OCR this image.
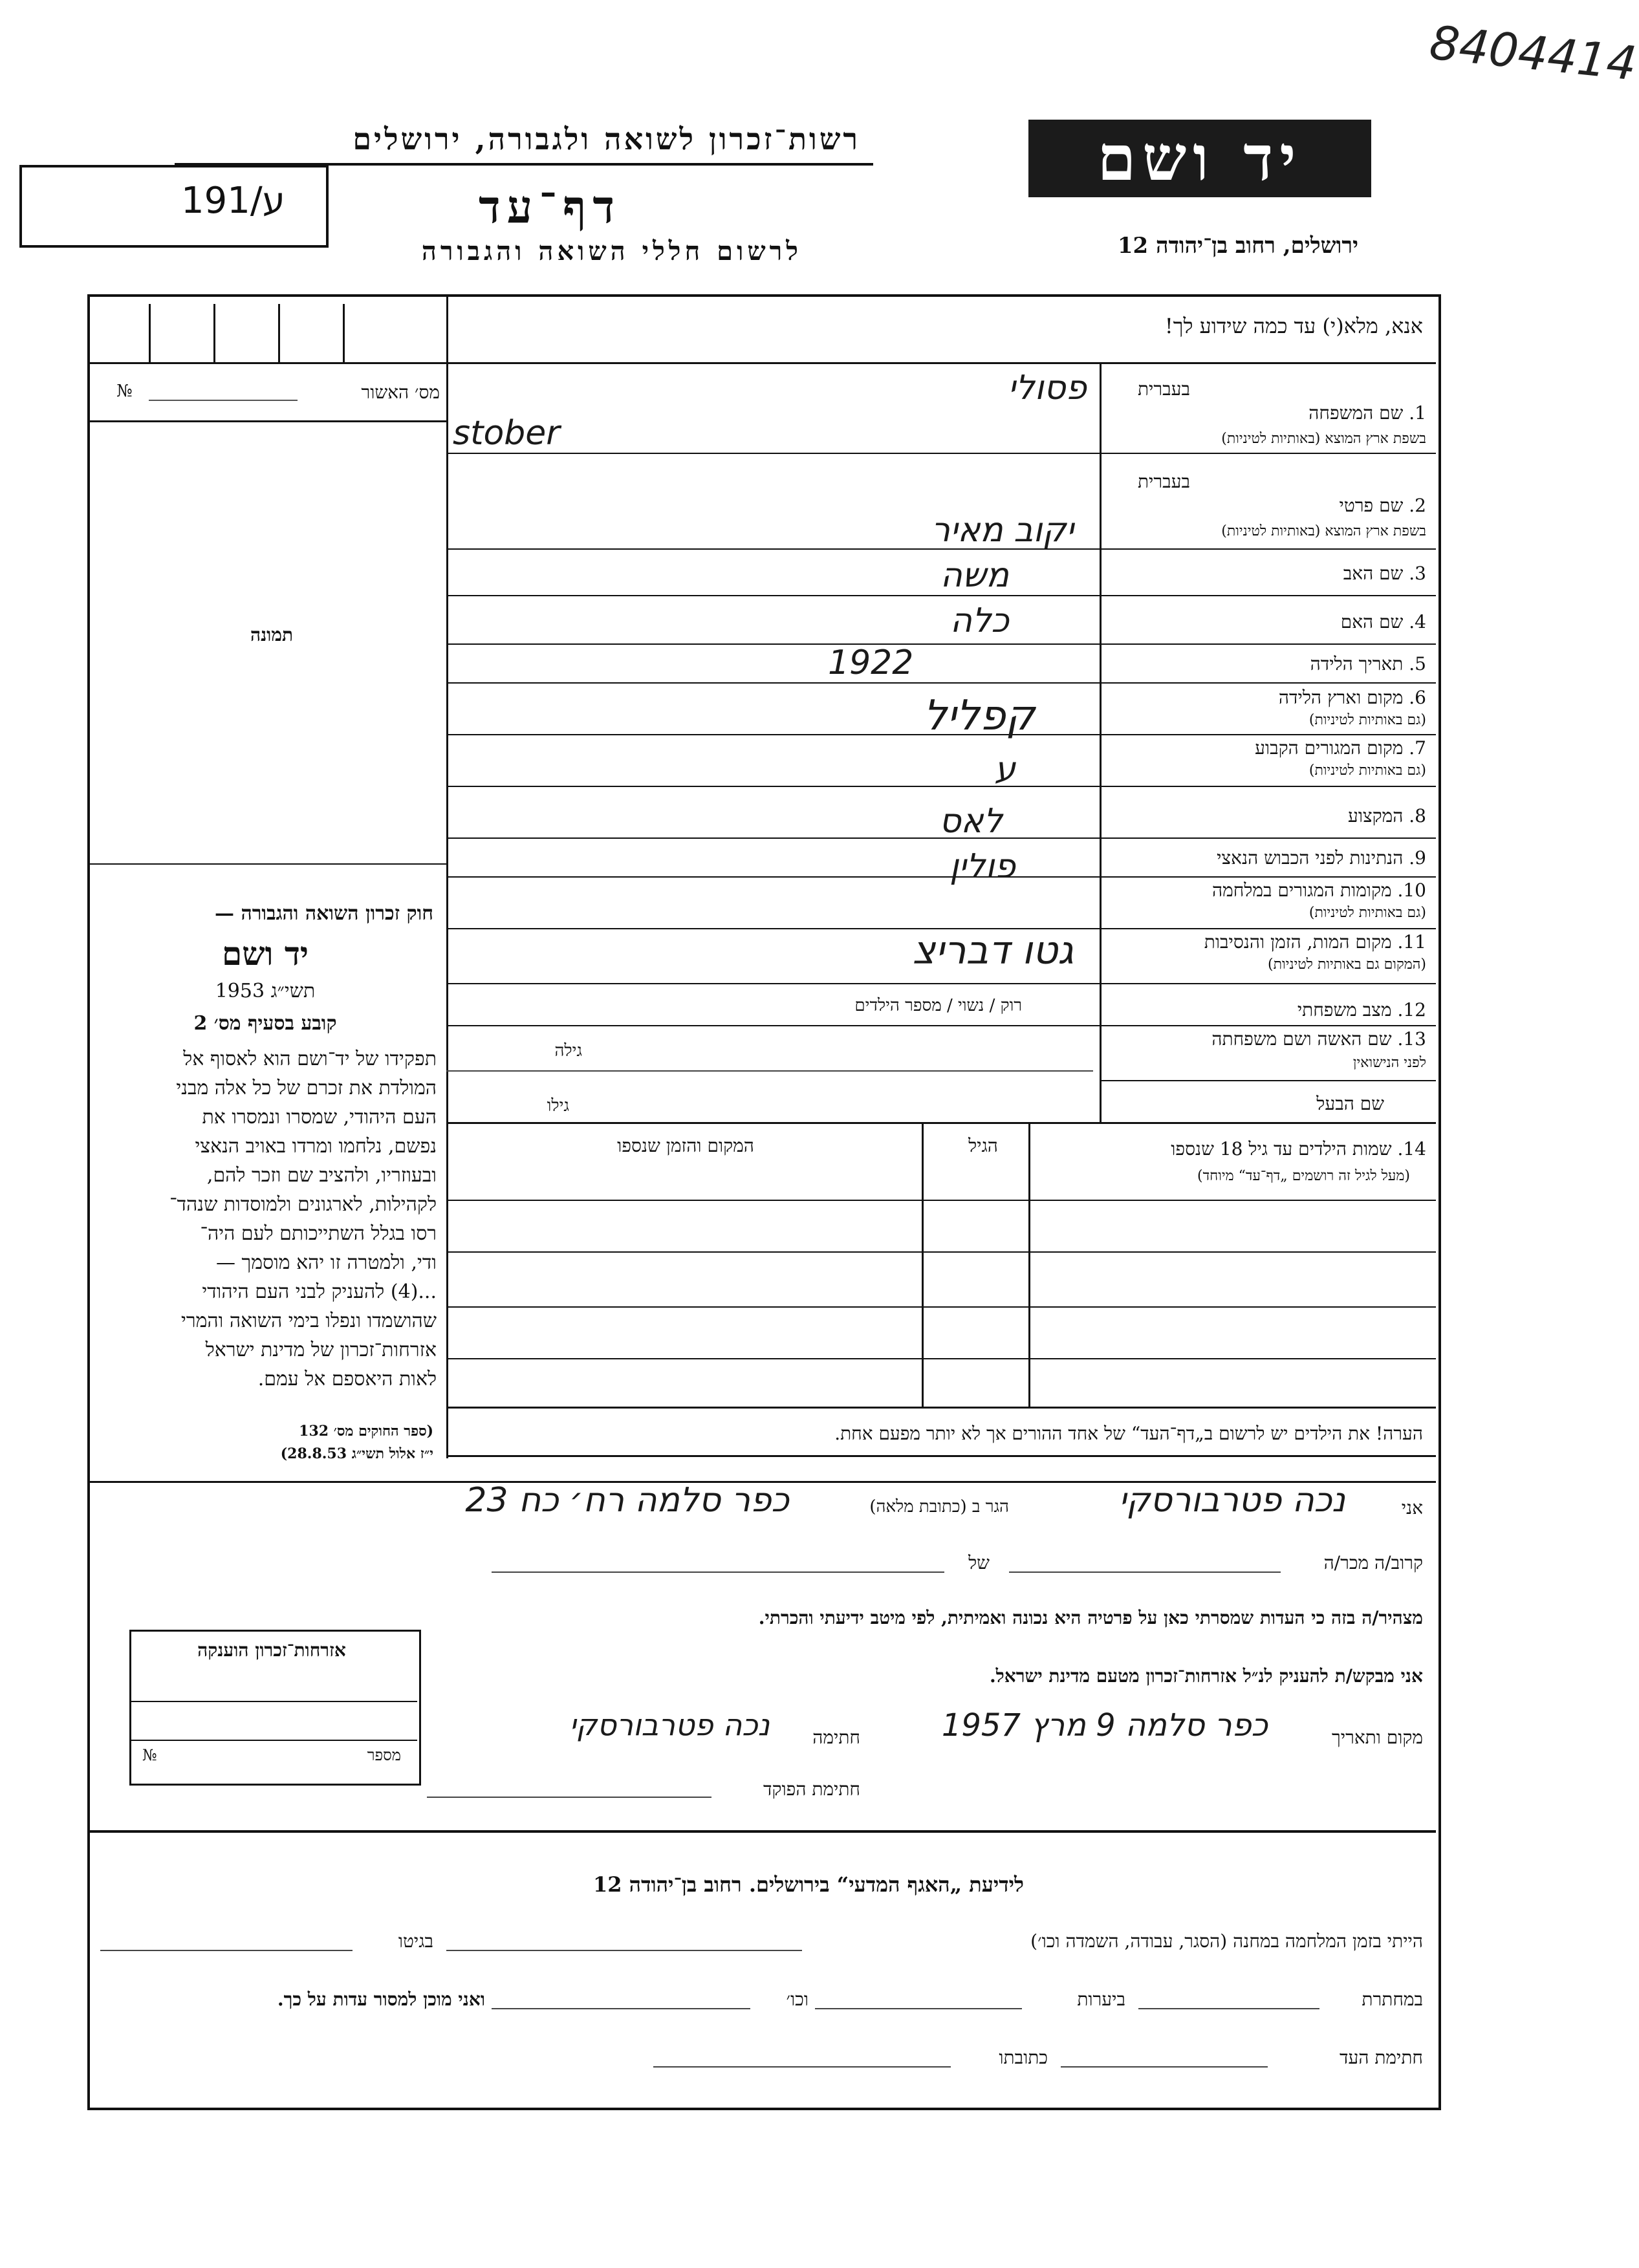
8404414
רשות־זכרון לשואה ולגבורה, ירושלים
191/ע	דף־עד
לרשום חללי השואה והגבורה
יד ושם
ירושלים, רחוב בן־יהודה 12
אנא, מלא(י) עד כמה שידוע לך!
מס׳ האשור
№
תמונה
בעברית
1. שם המשפחה
בשפת ארץ המוצא (באותיות לטיניות)
בעברית
2. שם פרטי
בשפת ארץ המוצא (באותיות לטיניות)
3. שם האב
4. שם האם
5. תאריך הלידה
6. מקום וארץ הלידה
(גם באותיות לטיניות)
7. מקום המגורים הקבוע
(גם באותיות לטיניות)
8. המקצוע
9. הנתינות לפני הכבוש הנאצי
10. מקומות המגורים במלחמה
(גם באותיות לטיניות)
11. מקום המות, הזמן והנסיבות
(המקום גם באותיות לטיניות)
12. מצב משפחתי
13. שם האשה ושם משפחתה
לפני הנישואין
שם הבעל
פסולי
stober
יקוב מאיר
משה
כלה
1922
קפליל
ע
לאס
פולין
גטו דבריצ
רוק / נשוי / מספר הילדים
גילה
גילו
14. שמות הילדים עד גיל 18 שנספו
(מעל לגיל זה רושמים „דף־עד“ מיוחד)
הגיל
המקום והזמן שנספו
הערה! את הילדים יש לרשום ב„דף־העד“ של אחד ההורים אך לא יותר מפעם אחת.
חוק זכרון השואה והגבורה —
יד ושם
תשי״ג 1953
קובע בסעיף מס׳ 2
תפקידו של יד־ושם הוא לאסוף אל
המולדת את זכרם של כל אלה מבני
העם היהודי, שמסרו ונמסרו את
נפשם, נלחמו ומרדו באויב הנאצי
ובעוזריו, ולהציב שם וזכר להם,
לקהילות, לארגונים ולמוסדות שנהד־
רסו בגלל השתייכותם לעם היה־
ודי, ולמטרה זו יהא מוסמך —
...(4) להעניק לבני העם היהודי
שהושמדו ונפלו בימי השואה והמרי
אזרחות־זכרון של מדינת ישראל
לאות היאספם אל עמם.
(ספר החוקים מס׳ 132
י״ז אלול תשי״ג 28.8.53)
אני
נכה פטרבורסקי
הגר ב (כתובת מלאה)
כפר סלמה רח׳ כח 23
קרוב/ה מכר/ה
של
מצהיר/ה בזה כי העדות שמסרתי כאן על פרטיה היא נכונה ואמיתית, לפי מיטב ידיעתי והכרתי.
אני מבקש/ת להעניק לנ״ל אזרחות־זכרון מטעם מדינת ישראל.
אזרחות־זכרון הוענקה
מספר
№
מקום ותאריך
כפר סלמה 9 מרץ 1957
חתימה
נכה פטרבורסקי
חתימת הפוקד
לידיעת „האגף המדעי“ בירושלים. רחוב בן־יהודה 12
הייתי בזמן המלחמה במחנה (הסגר, עבודה, השמדה וכו׳)
בגיטו
במחתרת
ביערות
וכו׳
ואני מוכן למסור עדות על כך.
חתימת העד
כתובתו
